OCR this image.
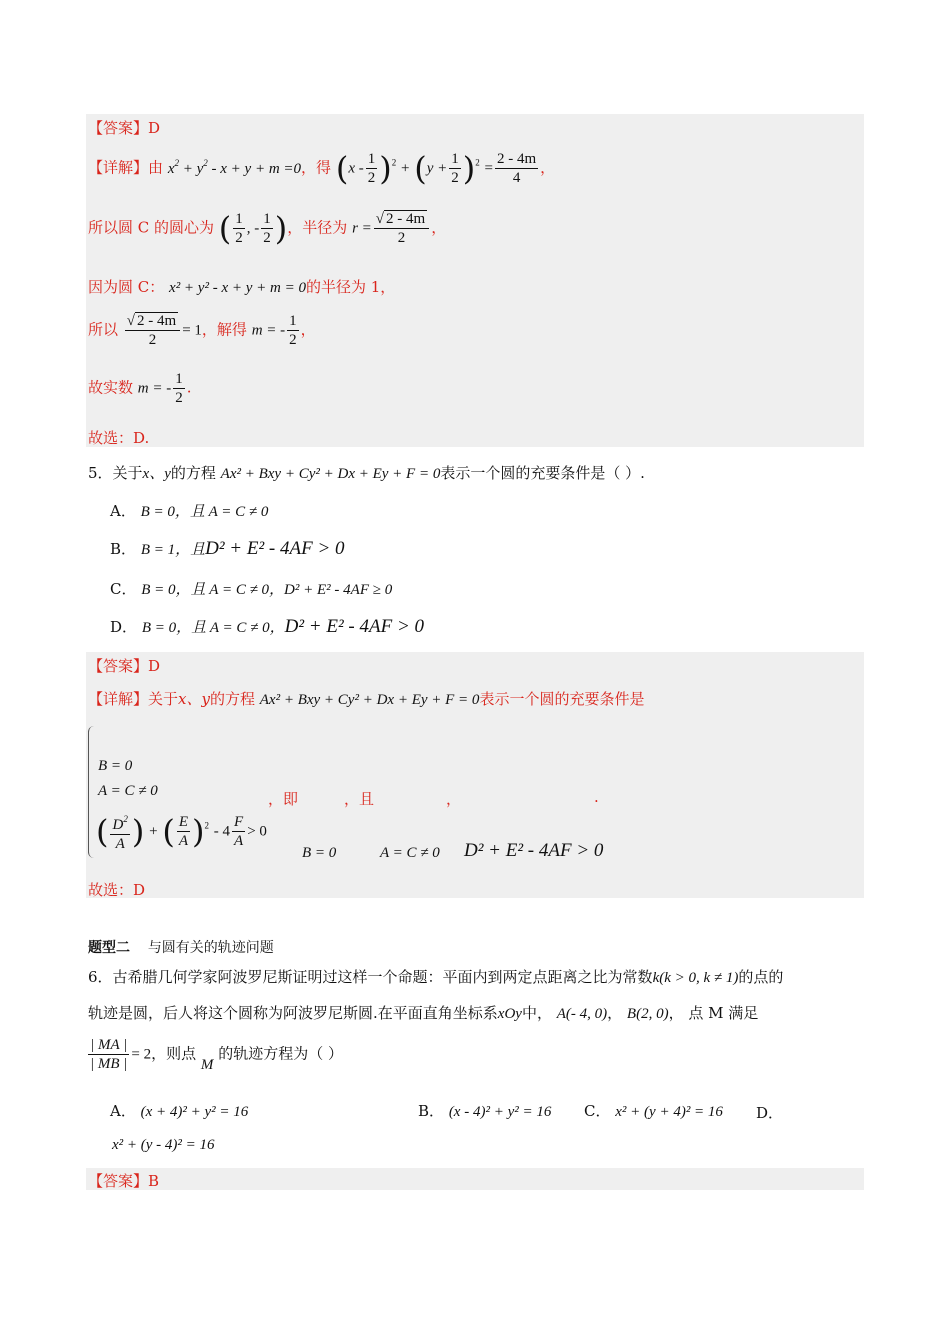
【答案】D
【详解】由 $x^2 + y^2 - x + y + m =0$，得 $(x - \frac{1}{2} )^2 + (y + \frac{1}{2} )^2 = \frac{2 - 4m}{4}$ ，
所以圆 C 的圆心为 ( $\frac{1}{2}$ , - $\frac{1}{2}$ )，半径为 $r = \frac{√ 2 - 4m}{2}$ ，
因为圆 C： x² + y² - x + y + m = 0的半径为 1，
所以 $\frac{√ 2 - 4m}{2} = 1$，解得 m = - $\frac{1}{2}$ ，
故实数 m = - $\frac{1}{2}$ .
故选：D.
5．关于x、y的方程 Ax² + Bxy + Cy² + Dx + Ey + F = 0表示一个圆的充要条件是（ ）.
A． B = 0，且 A = C ≠ 0
B． B = 1，且D² + E² - 4AF > 0
C． B = 0，且 A = C ≠ 0，D² + E² - 4AF ≥ 0
D． B = 0，且 A = C ≠ 0，D² + E² - 4AF > 0
【答案】D
【详解】关于x、y的方程 Ax² + Bxy + Cy² + Dx + Ey + F = 0表示一个圆的充要条件是
B = 0
A = C ≠ 0
( $\frac{D^2}{A}$ ) + ( $\frac{E}{A} )^2 - 4 \frac{F}{A} > 0$
，即	，且	，	.
B = 0	A = C ≠ 0 D² + E² - 4AF > 0
故选：D
题型二 与圆有关的轨迹问题
6．古希腊几何学家阿波罗尼斯证明过这样一个命题：平面内到两定点距离之比为常数k(k > 0, k ≠ 1)的点的
轨迹是圆，后人将这个圆称为阿波罗尼斯圆.在平面直角坐标系xOy中， A(- 4, 0)， B(2, 0)， 点 M 满足
$\frac{| MA |}{| MB |} = 2$，则点 M 的轨迹方程为（ ）
A． (x + 4)² + y² = 16	B． (x - 4)² + y² = 16 C． x² + (y + 4)² = 16 D．
x² + (y - 4)² = 16
【答案】B
